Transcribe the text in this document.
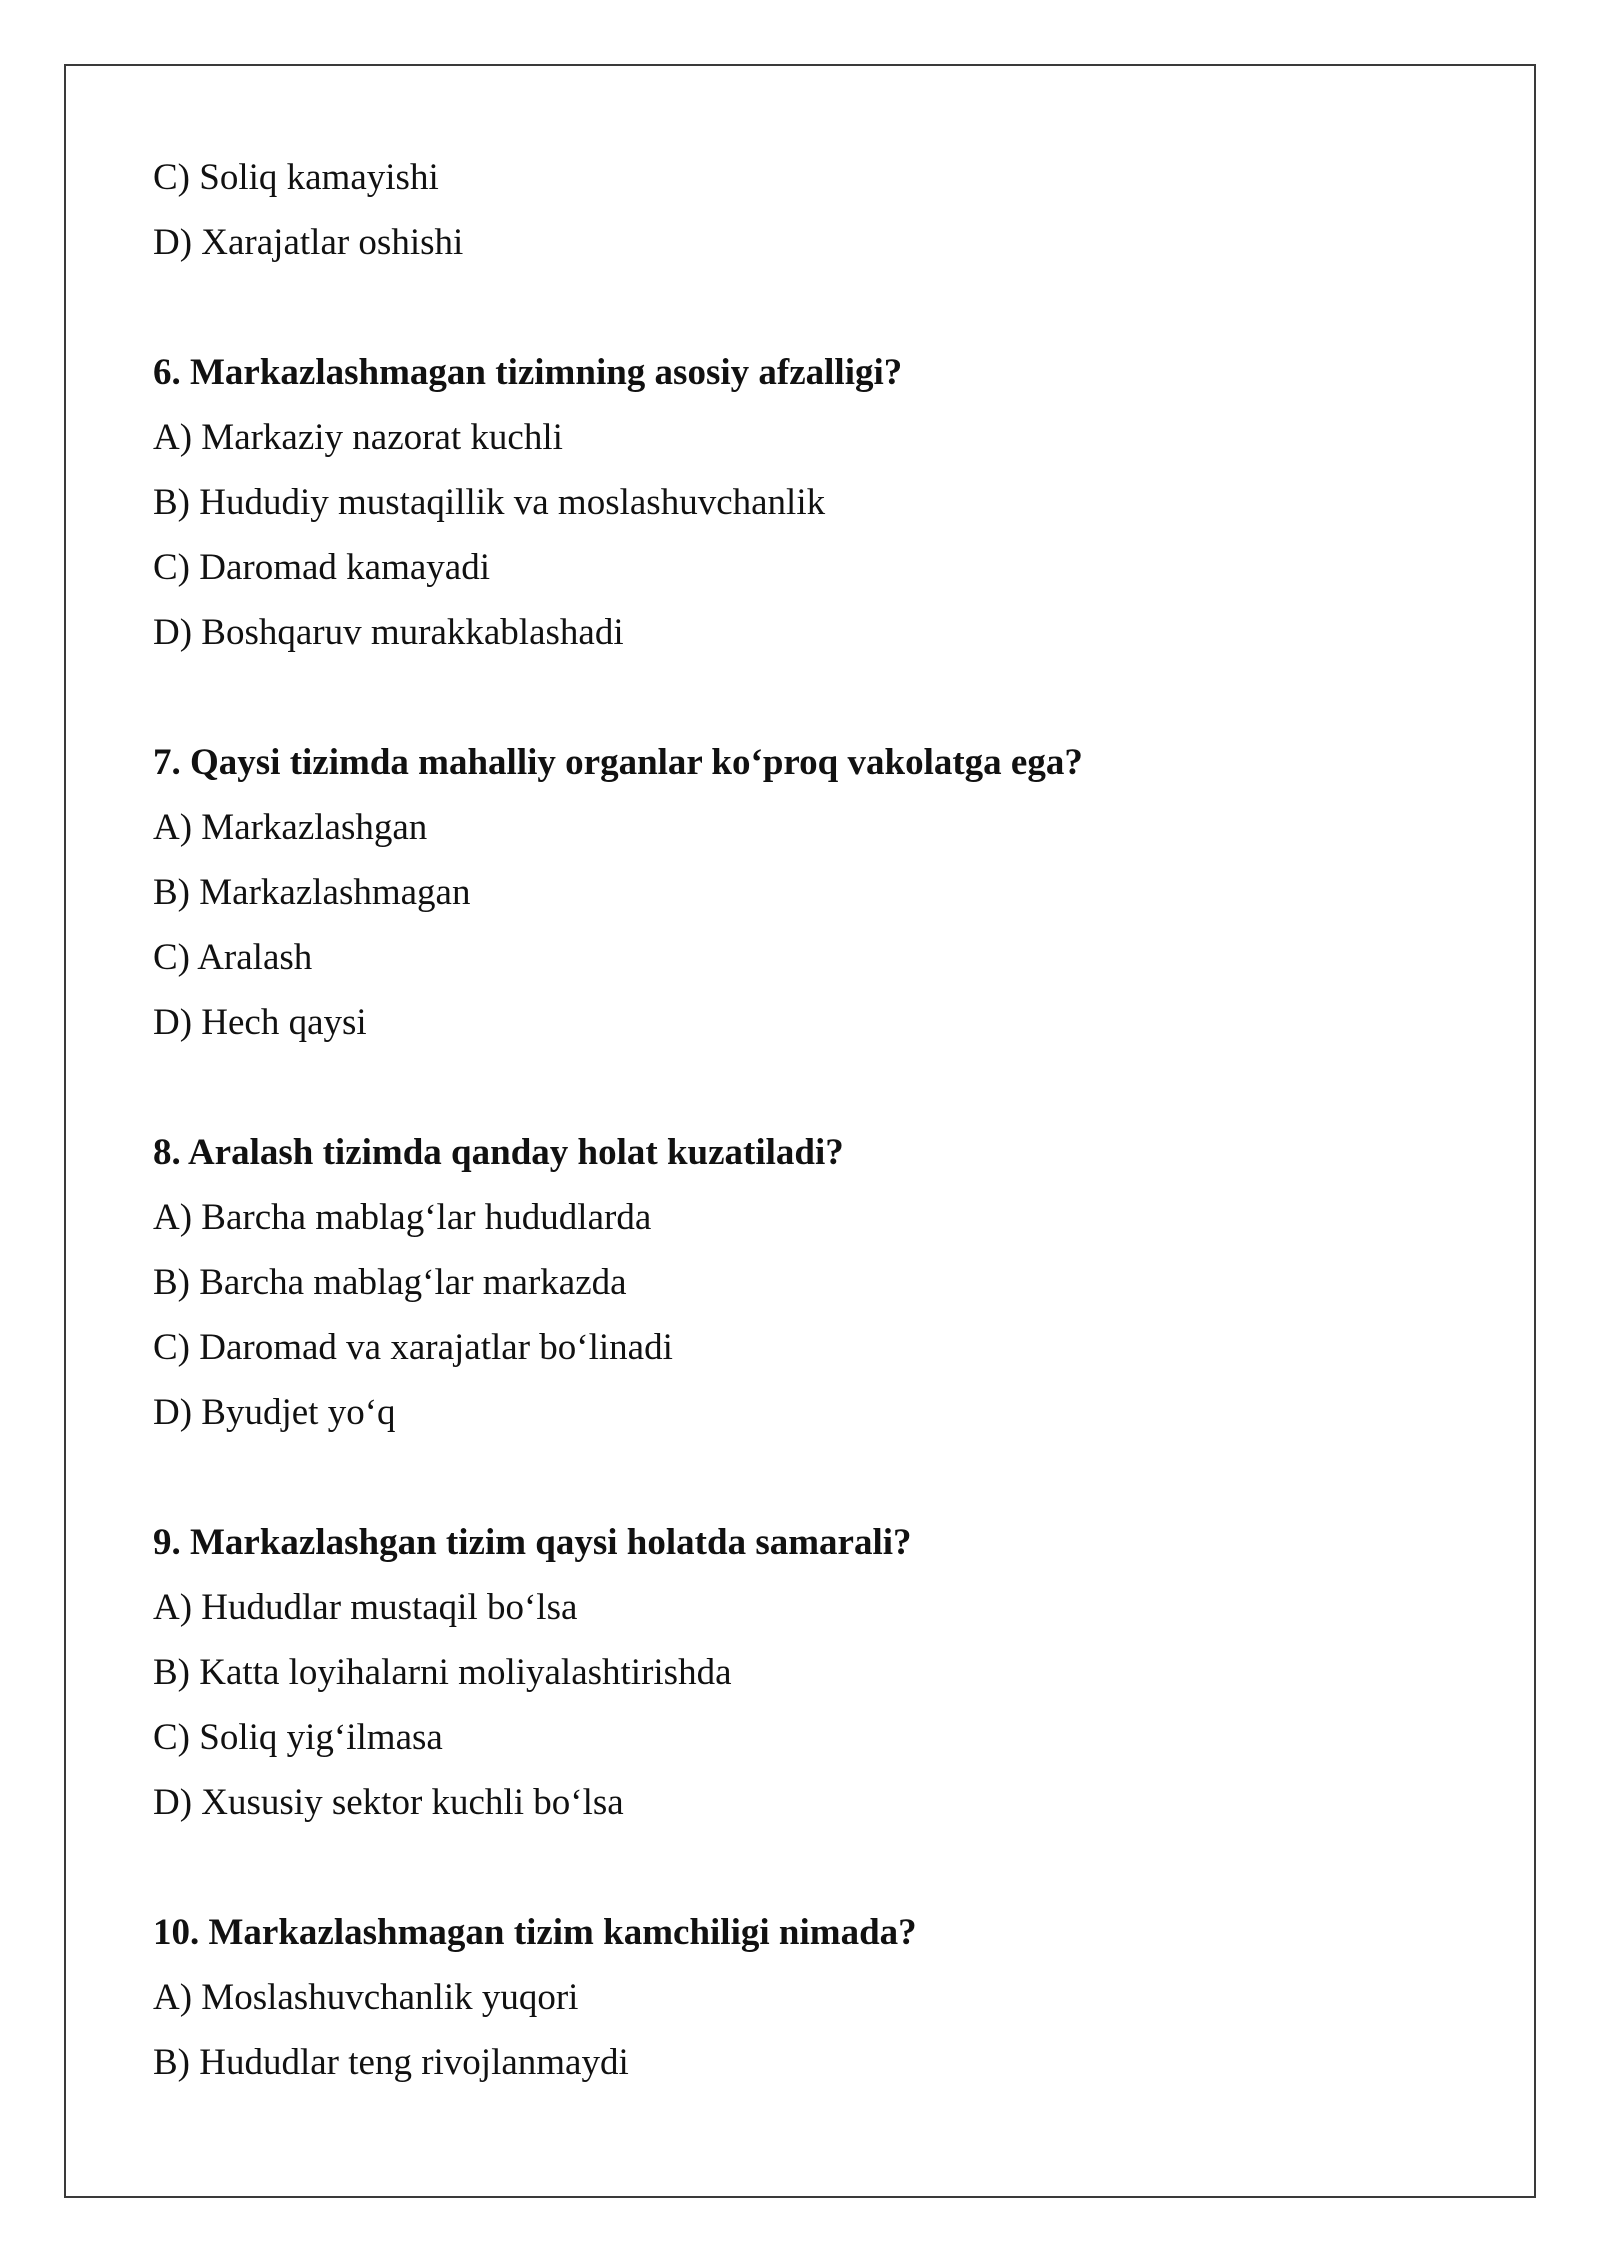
C) Soliq kamayishi
D) Xarajatlar oshishi
6. Markazlashmagan tizimning asosiy afzalligi?
A) Markaziy nazorat kuchli
B) Hududiy mustaqillik va moslashuvchanlik
C) Daromad kamayadi
D) Boshqaruv murakkablashadi
7. Qaysi tizimda mahalliy organlar ko‘proq vakolatga ega?
A) Markazlashgan
B) Markazlashmagan
C) Aralash
D) Hech qaysi
8. Aralash tizimda qanday holat kuzatiladi?
A) Barcha mablag‘lar hududlarda
B) Barcha mablag‘lar markazda
C) Daromad va xarajatlar bo‘linadi
D) Byudjet yo‘q
9. Markazlashgan tizim qaysi holatda samarali?
A) Hududlar mustaqil bo‘lsa
B) Katta loyihalarni moliyalashtirishda
C) Soliq yig‘ilmasa
D) Xususiy sektor kuchli bo‘lsa
10. Markazlashmagan tizim kamchiligi nimada?
A) Moslashuvchanlik yuqori
B) Hududlar teng rivojlanmaydi
